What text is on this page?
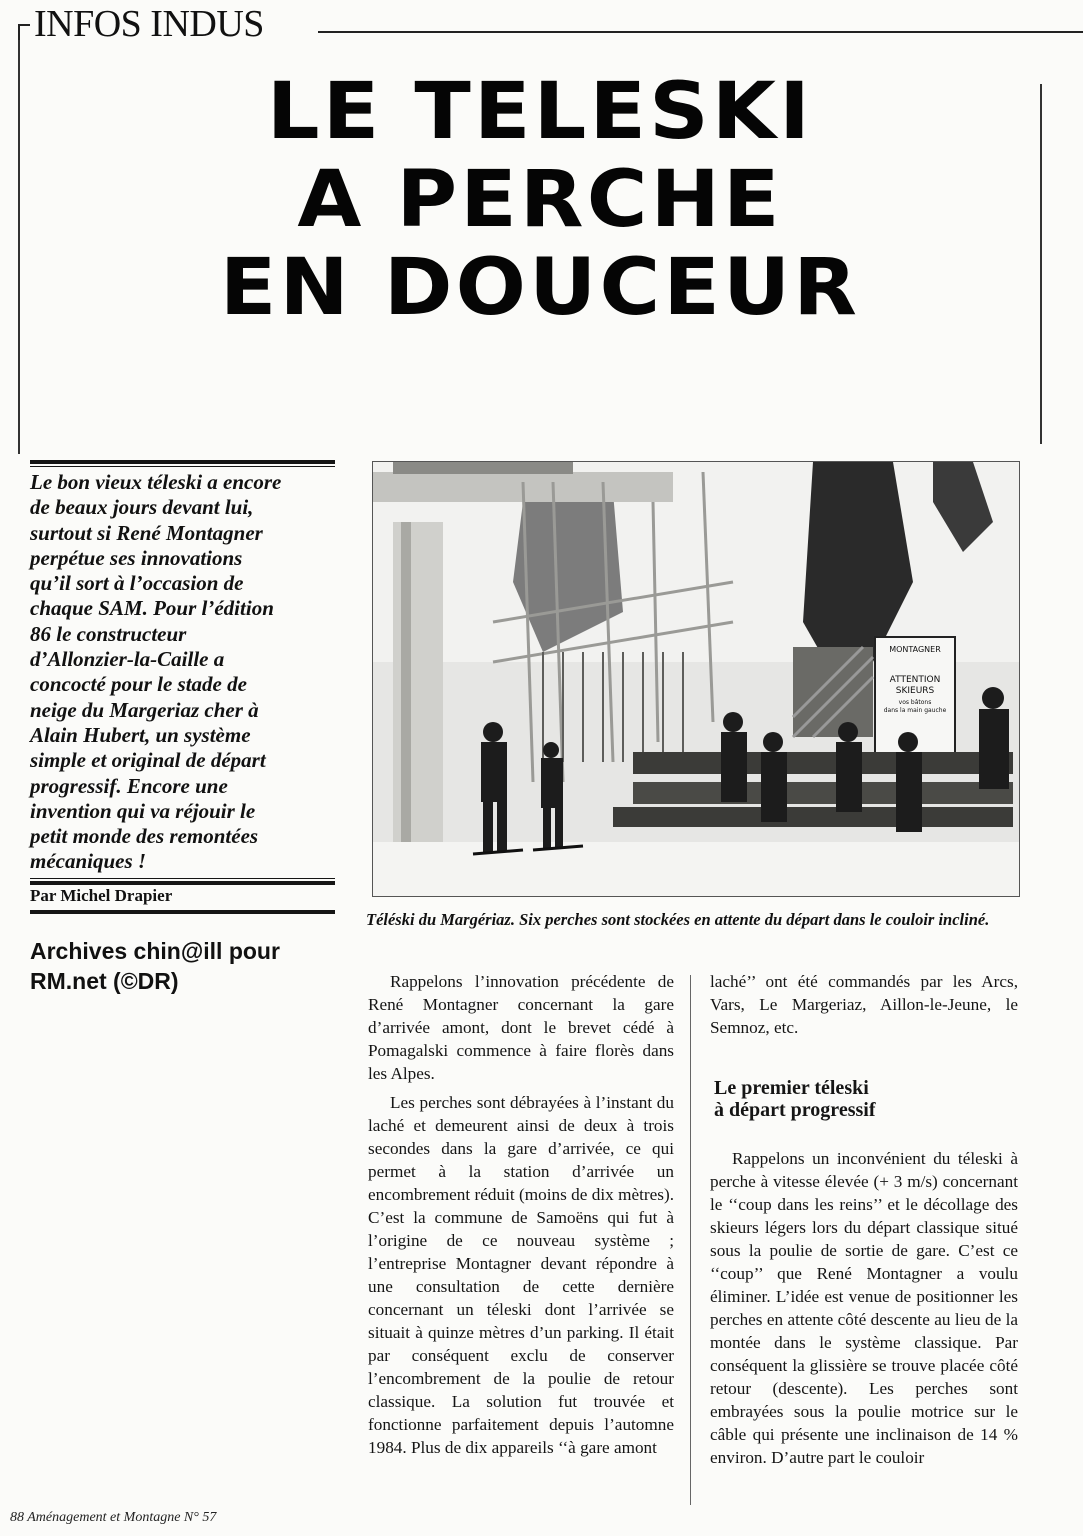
INFOS INDUS
LE TELESKI
A PERCHE
EN DOUCEUR
Le bon vieux téleski a encore
de beaux jours devant lui,
surtout si René Montagner
perpétue ses innovations
qu’il sort à l’occasion de
chaque SAM. Pour l’édition
86 le constructeur
d’Allonzier-la-Caille a
concocté pour le stade de
neige du Margeriaz cher à
Alain Hubert, un système
simple et original de départ
progressif. Encore une
invention qui va réjouir le
petit monde des remontées
mécaniques !
Par Michel Drapier
Archives chin@ill pour
RM.net (©DR)
MONTAGNER
ATTENTION
SKIEURS
vos bâtons
dans la main gauche
Téléski du Margériaz. Six perches sont stockées en attente du départ dans le couloir incliné.

Rappelons l’innovation précédente de René Montagner concernant la gare d’arrivée amont, dont le brevet cédé à Pomagalski commence à faire florès dans les Alpes.

Les perches sont débrayées à l’instant du laché et demeurent ainsi de deux à trois secondes dans la gare d’arrivée, ce qui permet à la station d’arrivée un encombrement réduit (moins de dix mètres). C’est la commune de Samoëns qui fut à l’origine de ce nouveau système ; l’entreprise Montagner devant répondre à une consultation de cette dernière concernant un téleski dont l’arrivée se situait à quinze mètres d’un parking. Il était par conséquent exclu de conserver l’encombrement de la poulie de retour classique. La solution fut trouvée et fonctionne parfaitement depuis l’automne 1984. Plus de dix appareils ‘‘à gare amont

laché’’ ont été commandés par les Arcs, Vars, Le Margeriaz, Aillon-le-Jeune, le Semnoz, etc.

Le premier téleski
à départ progressif

Rappelons un inconvénient du téleski à perche à vitesse élevée (+ 3 m/s) concernant le ‘‘coup dans les reins’’ et le décollage des skieurs légers lors du départ classique situé sous la poulie de sortie de gare. C’est ce ‘‘coup’’ que René Montagner a voulu éliminer. L’idée est venue de positionner les perches en attente côté descente au lieu de la montée dans le système classique. Par conséquent la glissière se trouve placée côté retour (descente). Les perches sont embrayées sous la poulie motrice sur le câble qui présente une inclinaison de 14 % environ. D’autre part le couloir

88 Aménagement et Montagne N° 57
